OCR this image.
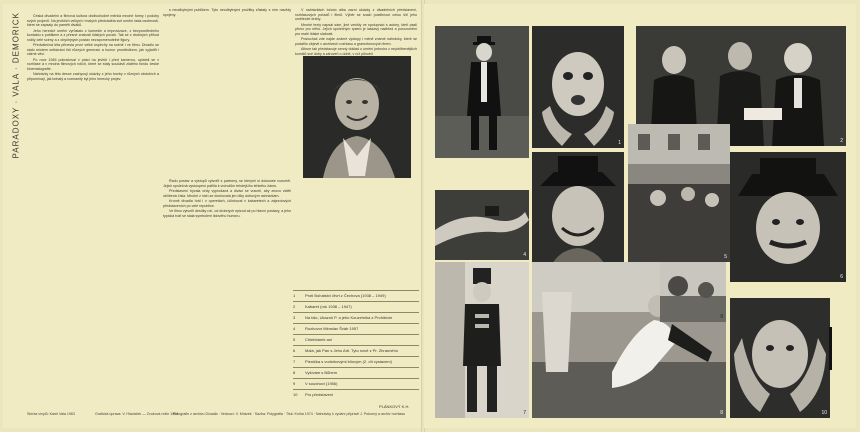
PARADOXY · VALA · DEMORICK	Česká divadelní a filmová kultura obdivuhodně měnila mnohé formy i podoby svých projevů. Na jevištích velkých i malých předváděla své umění řada osobností, které se zapsaly do paměti diváků.

Jeho herecké umění vyrůstalo z komedie a improvizace, z bezprostředního kontaktu s publikem a z přesné znalosti lidských povah. Tak se z drobných příhod rodily celé scény a z obyčejných postav nezapomenutelné figury.

Předválečná léta přinesla první velké úspěchy na scéně i ve filmu. Divadlo se stalo místem setkávání lidí různých generací a humor prostředkem, jak vyjádřit i vážné věci.

Po roce 1945 pokračoval v práci na jevišti i před kamerou, uplatnil se v rozhlase a v mnoha filmových rolích, které se staly součástí zlatého fondu české kinematografie.

Nahrávky na této desce zachycují ukázky z jeho tvorby v různých obdobích a připomínají, jak bohatý a rozmanitý byl jeho herecký projev.

s neodbytnými publikem. Tyto neodbytnými prožitky zůstaly s ním navždy spojeny.

Řadu postav a výstupů vytvořil s partnery, se kterými si dokonale rozuměl. Jejich společná vystoupení patřila k vrcholům tehdejšího lehkého žánru.

Představení bývala vždy vyprodaná a diváci se vraceli, aby znovu viděli oblíbená čísla. Mnohé z nich se dochovala jen díky dobovým nahrávkám.

Kromě divadla hrál i v operetách, účinkoval v kabaretech a zájezdových představeních po celé republice.

Ve filmu vytvořil desítky rolí, od drobných epizod až po hlavní postavy, a jeho typická tvář se stala symbolem lidového humoru.

V nahrávkách tohoto alba zazní ukázky z divadelních představení, rozhlasových pořadů i filmů. Výběr se snaží postihnout celou šíři jeho umělecké dráhy.

Mnohé texty napsal sám, jiné vznikly ve spolupráci s autory, kteří psali přímo pro něho. Jejich společným rysem je laskavý nadhled a porozumění pro malé lidské slabosti.

Posluchač zde najde známé výstupy i méně známé nahrávky, které se podařilo objevit v archivech rozhlasu a gramofonových firem.

Album tak představuje cenný doklad o umění jednoho z nejoblíbenějších komiků své doby a zároveň o době, v níž působil.

1	Proti Bohatství čtvrt z Čechova (1938 – 1949)
2	Kabaret (rok 1938 – 1947)
3	Na falc, Ukazoš P. a jeho Kouzelníka z Prohibície
4	Rozhovor Miroslav Šváb 1957
5	Chlebbárek ani
6	Malá, jak Pan s Jeho Arti. Tyto nově z Pr. Zhranného
7	Písnička s vodníkovými bílovým (2. díl vystavení)
8	Vyšívám s Bůhem
9	V soudnovi (1956)
10	Pro představení
PLÁNKOVÝ K.H.
Sbírka vinylů: Karel Vala 1963	Grafická úprava: V. Hlaváček — Zvuková režie 1964
Fotografie z archivu Divadla · Vedoucí: V. Mrázek · Sazba: Polygrafia · Tisk: Kniha 1974 · Nahrávky k vydání připravil J. Pokorný a archiv rozhlasu
1	2
4	5
6
7	8
9
10
